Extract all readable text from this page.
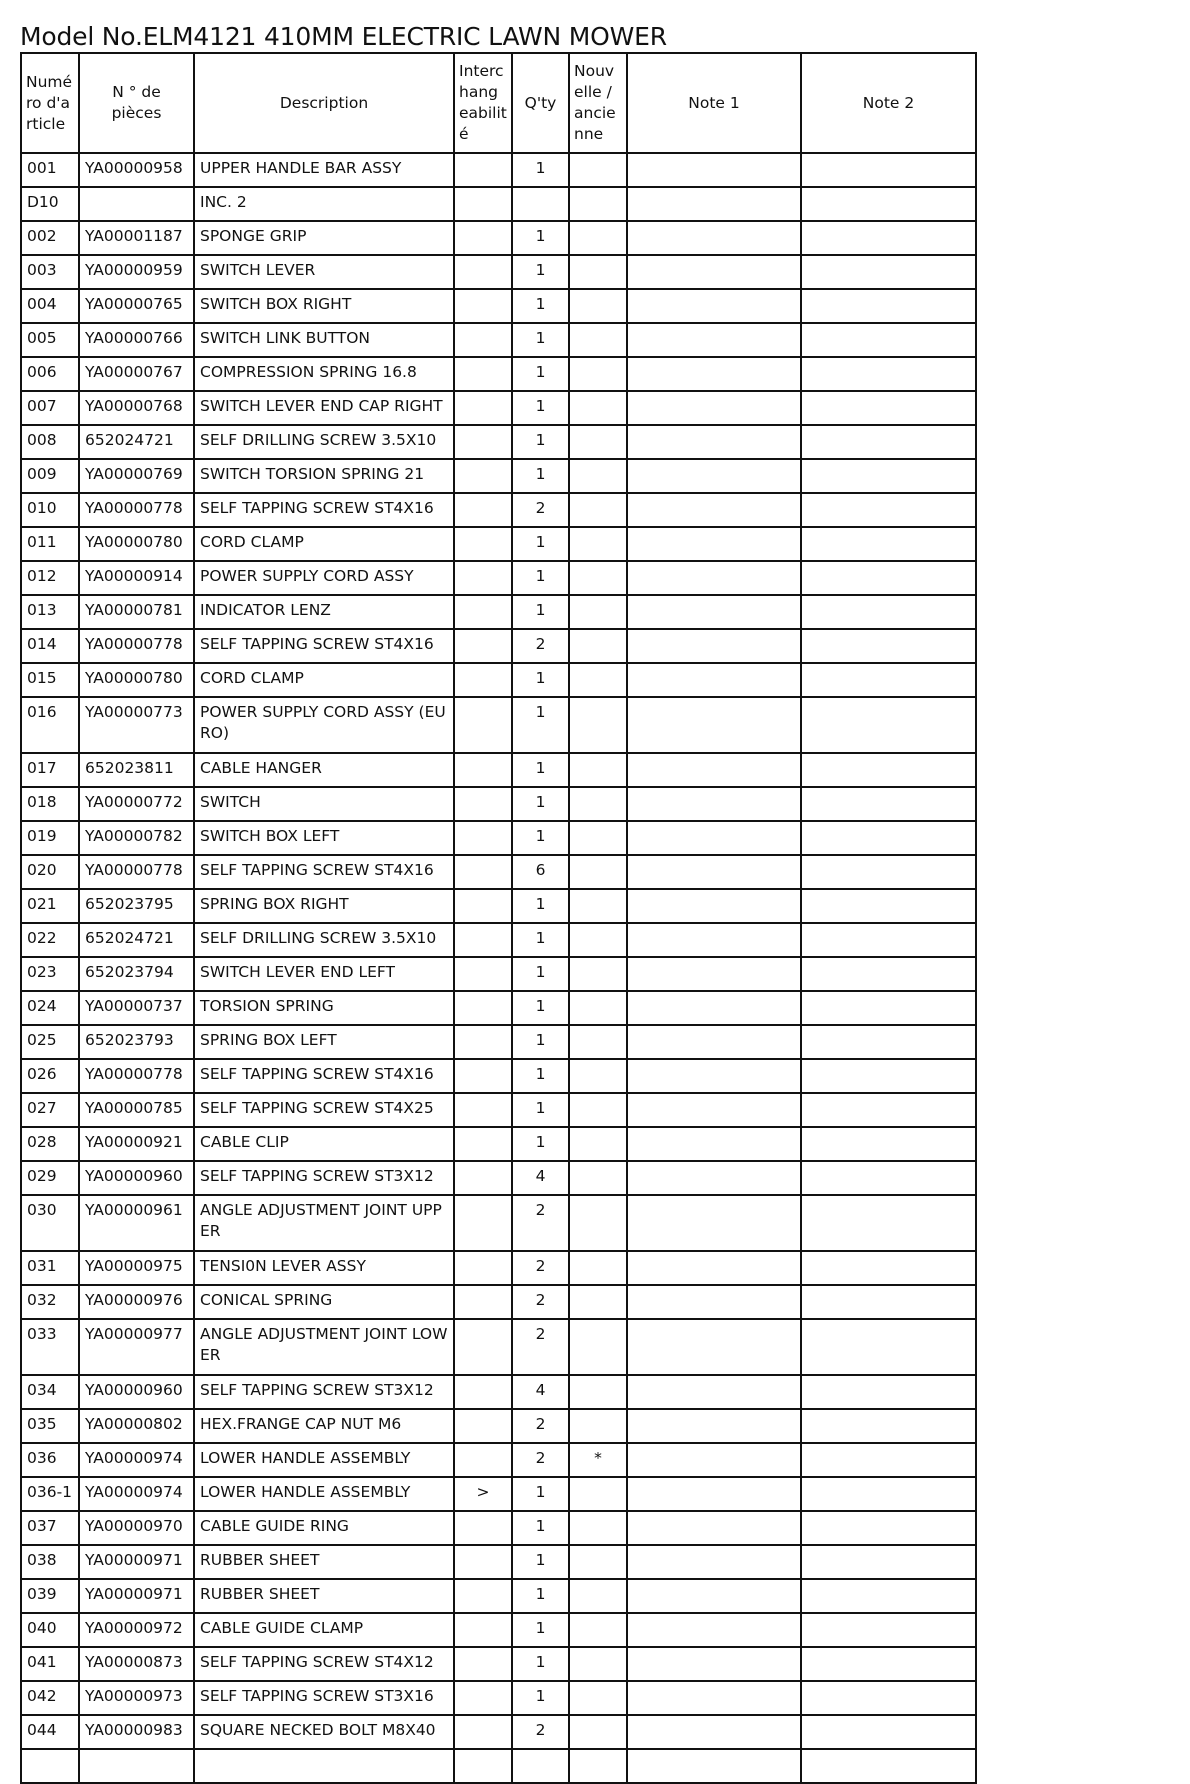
Model No.ELM4121 410MM ELECTRIC LAWN MOWER
Numéro d'article	N ° de pièces	Description	Interchangeabilité	Q'ty	Nouvelle / ancienne	Note 1	Note 2
001	YA00000958	UPPER HANDLE BAR ASSY		1			
D10		INC. 2					
002	YA00001187	SPONGE GRIP		1			
003	YA00000959	SWITCH LEVER		1			
004	YA00000765	SWITCH BOX RIGHT		1			
005	YA00000766	SWITCH LINK BUTTON		1			
006	YA00000767	COMPRESSION SPRING 16.8		1			
007	YA00000768	SWITCH LEVER END CAP RIGHT		1			
008	652024721	SELF DRILLING SCREW 3.5X10		1			
009	YA00000769	SWITCH TORSION SPRING 21		1			
010	YA00000778	SELF TAPPING SCREW ST4X16		2			
011	YA00000780	CORD CLAMP		1			
012	YA00000914	POWER SUPPLY CORD ASSY		1			
013	YA00000781	INDICATOR LENZ		1			
014	YA00000778	SELF TAPPING SCREW ST4X16		2			
015	YA00000780	CORD CLAMP		1			
016	YA00000773	POWER SUPPLY CORD ASSY (EURO)		1			
017	652023811	CABLE HANGER		1			
018	YA00000772	SWITCH		1			
019	YA00000782	SWITCH BOX LEFT		1			
020	YA00000778	SELF TAPPING SCREW ST4X16		6			
021	652023795	SPRING BOX RIGHT		1			
022	652024721	SELF DRILLING SCREW 3.5X10		1			
023	652023794	SWITCH LEVER END LEFT		1			
024	YA00000737	TORSION SPRING		1			
025	652023793	SPRING BOX LEFT		1			
026	YA00000778	SELF TAPPING SCREW ST4X16		1			
027	YA00000785	SELF TAPPING SCREW ST4X25		1			
028	YA00000921	CABLE CLIP		1			
029	YA00000960	SELF TAPPING SCREW ST3X12		4			
030	YA00000961	ANGLE ADJUSTMENT JOINT UPPER		2			
031	YA00000975	TENSI0N LEVER ASSY		2			
032	YA00000976	CONICAL SPRING		2			
033	YA00000977	ANGLE ADJUSTMENT JOINT LOWER		2			
034	YA00000960	SELF TAPPING SCREW ST3X12		4			
035	YA00000802	HEX.FRANGE CAP NUT M6		2			
036	YA00000974	LOWER HANDLE ASSEMBLY		2	*		
036-1	YA00000974	LOWER HANDLE ASSEMBLY	>	1			
037	YA00000970	CABLE GUIDE RING		1			
038	YA00000971	RUBBER SHEET		1			
039	YA00000971	RUBBER SHEET		1			
040	YA00000972	CABLE GUIDE CLAMP		1			
041	YA00000873	SELF TAPPING SCREW ST4X12		1			
042	YA00000973	SELF TAPPING SCREW ST3X16		1			
044	YA00000983	SQUARE NECKED BOLT M8X40		2			
